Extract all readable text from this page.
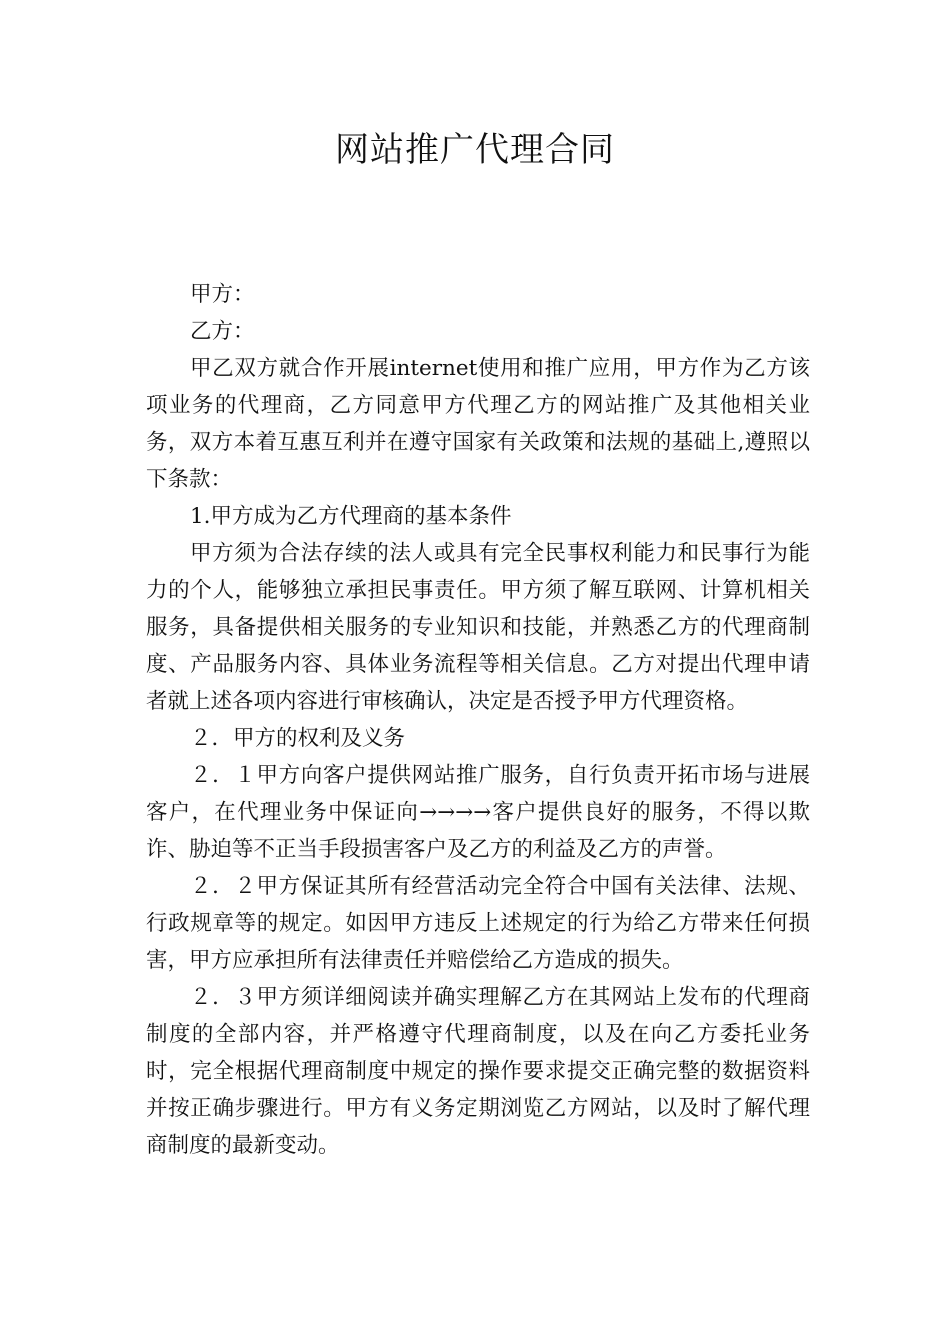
网站推广代理合同

甲方：

乙方：

甲乙双方就合作开展internet使用和推广应用，甲方作为乙方该项业务的代理商，乙方同意甲方代理乙方的网站推广及其他相关业务，双方本着互惠互利并在遵守国家有关政策和法规的基础上,遵照以下条款：

1.甲方成为乙方代理商的基本条件

甲方须为合法存续的法人或具有完全民事权利能力和民事行为能力的个人，能够独立承担民事责任。甲方须了解互联网、计算机相关服务，具备提供相关服务的专业知识和技能，并熟悉乙方的代理商制度、产品服务内容、具体业务流程等相关信息。乙方对提出代理申请者就上述各项内容进行审核确认，决定是否授予甲方代理资格。

２．甲方的权利及义务

２．１甲方向客户提供网站推广服务，自行负责开拓市场与进展客户，在代理业务中保证向→→→→客户提供良好的服务，不得以欺诈、胁迫等不正当手段损害客户及乙方的利益及乙方的声誉。

２．２甲方保证其所有经营活动完全符合中国有关法律、法规、行政规章等的规定。如因甲方违反上述规定的行为给乙方带来任何损害，甲方应承担所有法律责任并赔偿给乙方造成的损失。

２．３甲方须详细阅读并确实理解乙方在其网站上发布的代理商制度的全部内容，并严格遵守代理商制度，以及在向乙方委托业务时，完全根据代理商制度中规定的操作要求提交正确完整的数据资料并按正确步骤进行。甲方有义务定期浏览乙方网站，以及时了解代理商制度的最新变动。
